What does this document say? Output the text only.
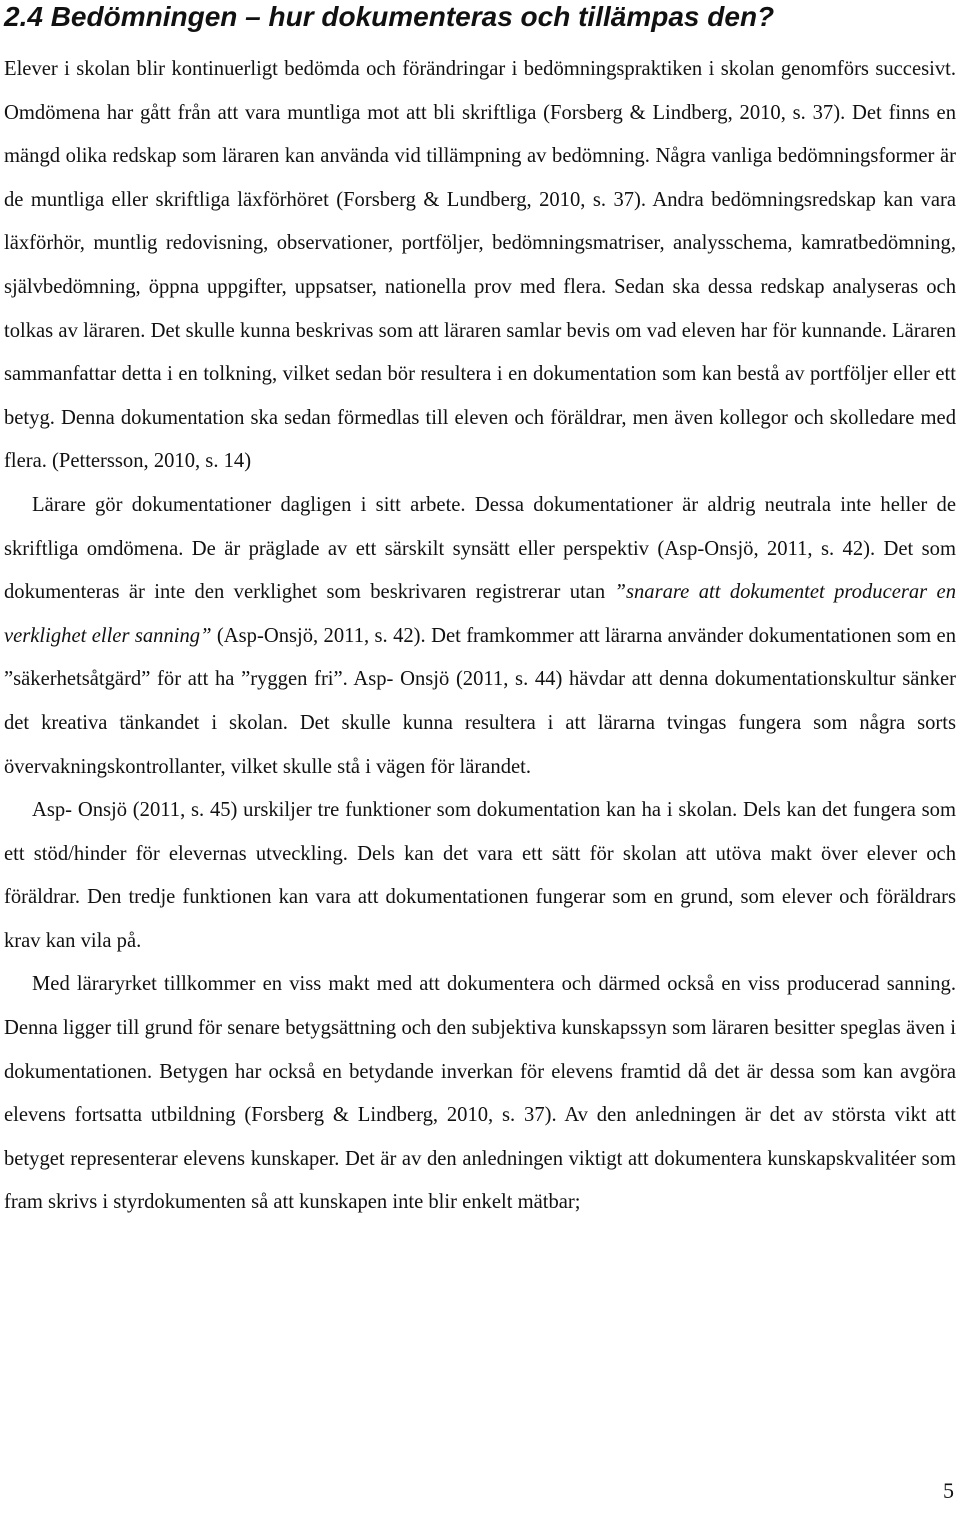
2.4 Bedömningen – hur dokumenteras och tillämpas den?

Elever i skolan blir kontinuerligt bedömda och förändringar i bedömningspraktiken i skolan genomförs succesivt. Omdömena har gått från att vara muntliga mot att bli skriftliga (Forsberg & Lindberg, 2010, s. 37). Det finns en mängd olika redskap som läraren kan använda vid tillämpning av bedömning. Några vanliga bedömningsformer är de muntliga eller skriftliga läxförhöret (Forsberg & Lundberg, 2010, s. 37). Andra bedömningsredskap kan vara läxförhör, muntlig redovisning, observationer, portföljer, bedömningsmatriser, analysschema, kamratbedömning, självbedömning, öppna uppgifter, uppsatser, nationella prov med flera. Sedan ska dessa redskap analyseras och tolkas av läraren. Det skulle kunna beskrivas som att läraren samlar bevis om vad eleven har för kunnande. Läraren sammanfattar detta i en tolkning, vilket sedan bör resultera i en dokumentation som kan bestå av portföljer eller ett betyg. Denna dokumentation ska sedan förmedlas till eleven och föräldrar, men även kollegor och skolledare med flera. (Pettersson, 2010, s. 14)

Lärare gör dokumentationer dagligen i sitt arbete. Dessa dokumentationer är aldrig neutrala inte heller de skriftliga omdömena. De är präglade av ett särskilt synsätt eller perspektiv (Asp-Onsjö, 2011, s. 42). Det som dokumenteras är inte den verklighet som beskrivaren registrerar utan ”snarare att dokumentet producerar en verklighet eller sanning” (Asp-Onsjö, 2011, s. 42). Det framkommer att lärarna använder dokumentationen som en ”säkerhetsåtgärd” för att ha ”ryggen fri”. Asp- Onsjö (2011, s. 44) hävdar att denna dokumentationskultur sänker det kreativa tänkandet i skolan. Det skulle kunna resultera i att lärarna tvingas fungera som några sorts övervakningskontrollanter, vilket skulle stå i vägen för lärandet.

Asp- Onsjö (2011, s. 45) urskiljer tre funktioner som dokumentation kan ha i skolan. Dels kan det fungera som ett stöd/hinder för elevernas utveckling. Dels kan det vara ett sätt för skolan att utöva makt över elever och föräldrar. Den tredje funktionen kan vara att dokumentationen fungerar som en grund, som elever och föräldrars krav kan vila på.

Med läraryrket tillkommer en viss makt med att dokumentera och därmed också en viss producerad sanning. Denna ligger till grund för senare betygsättning och den subjektiva kunskapssyn som läraren besitter speglas även i dokumentationen. Betygen har också en betydande inverkan för elevens framtid då det är dessa som kan avgöra elevens fortsatta utbildning (Forsberg & Lindberg, 2010, s. 37). Av den anledningen är det av största vikt att betyget representerar elevens kunskaper. Det är av den anledningen viktigt att dokumentera kunskapskvalitéer som fram skrivs i styrdokumenten så att kunskapen inte blir enkelt mätbar;

5
